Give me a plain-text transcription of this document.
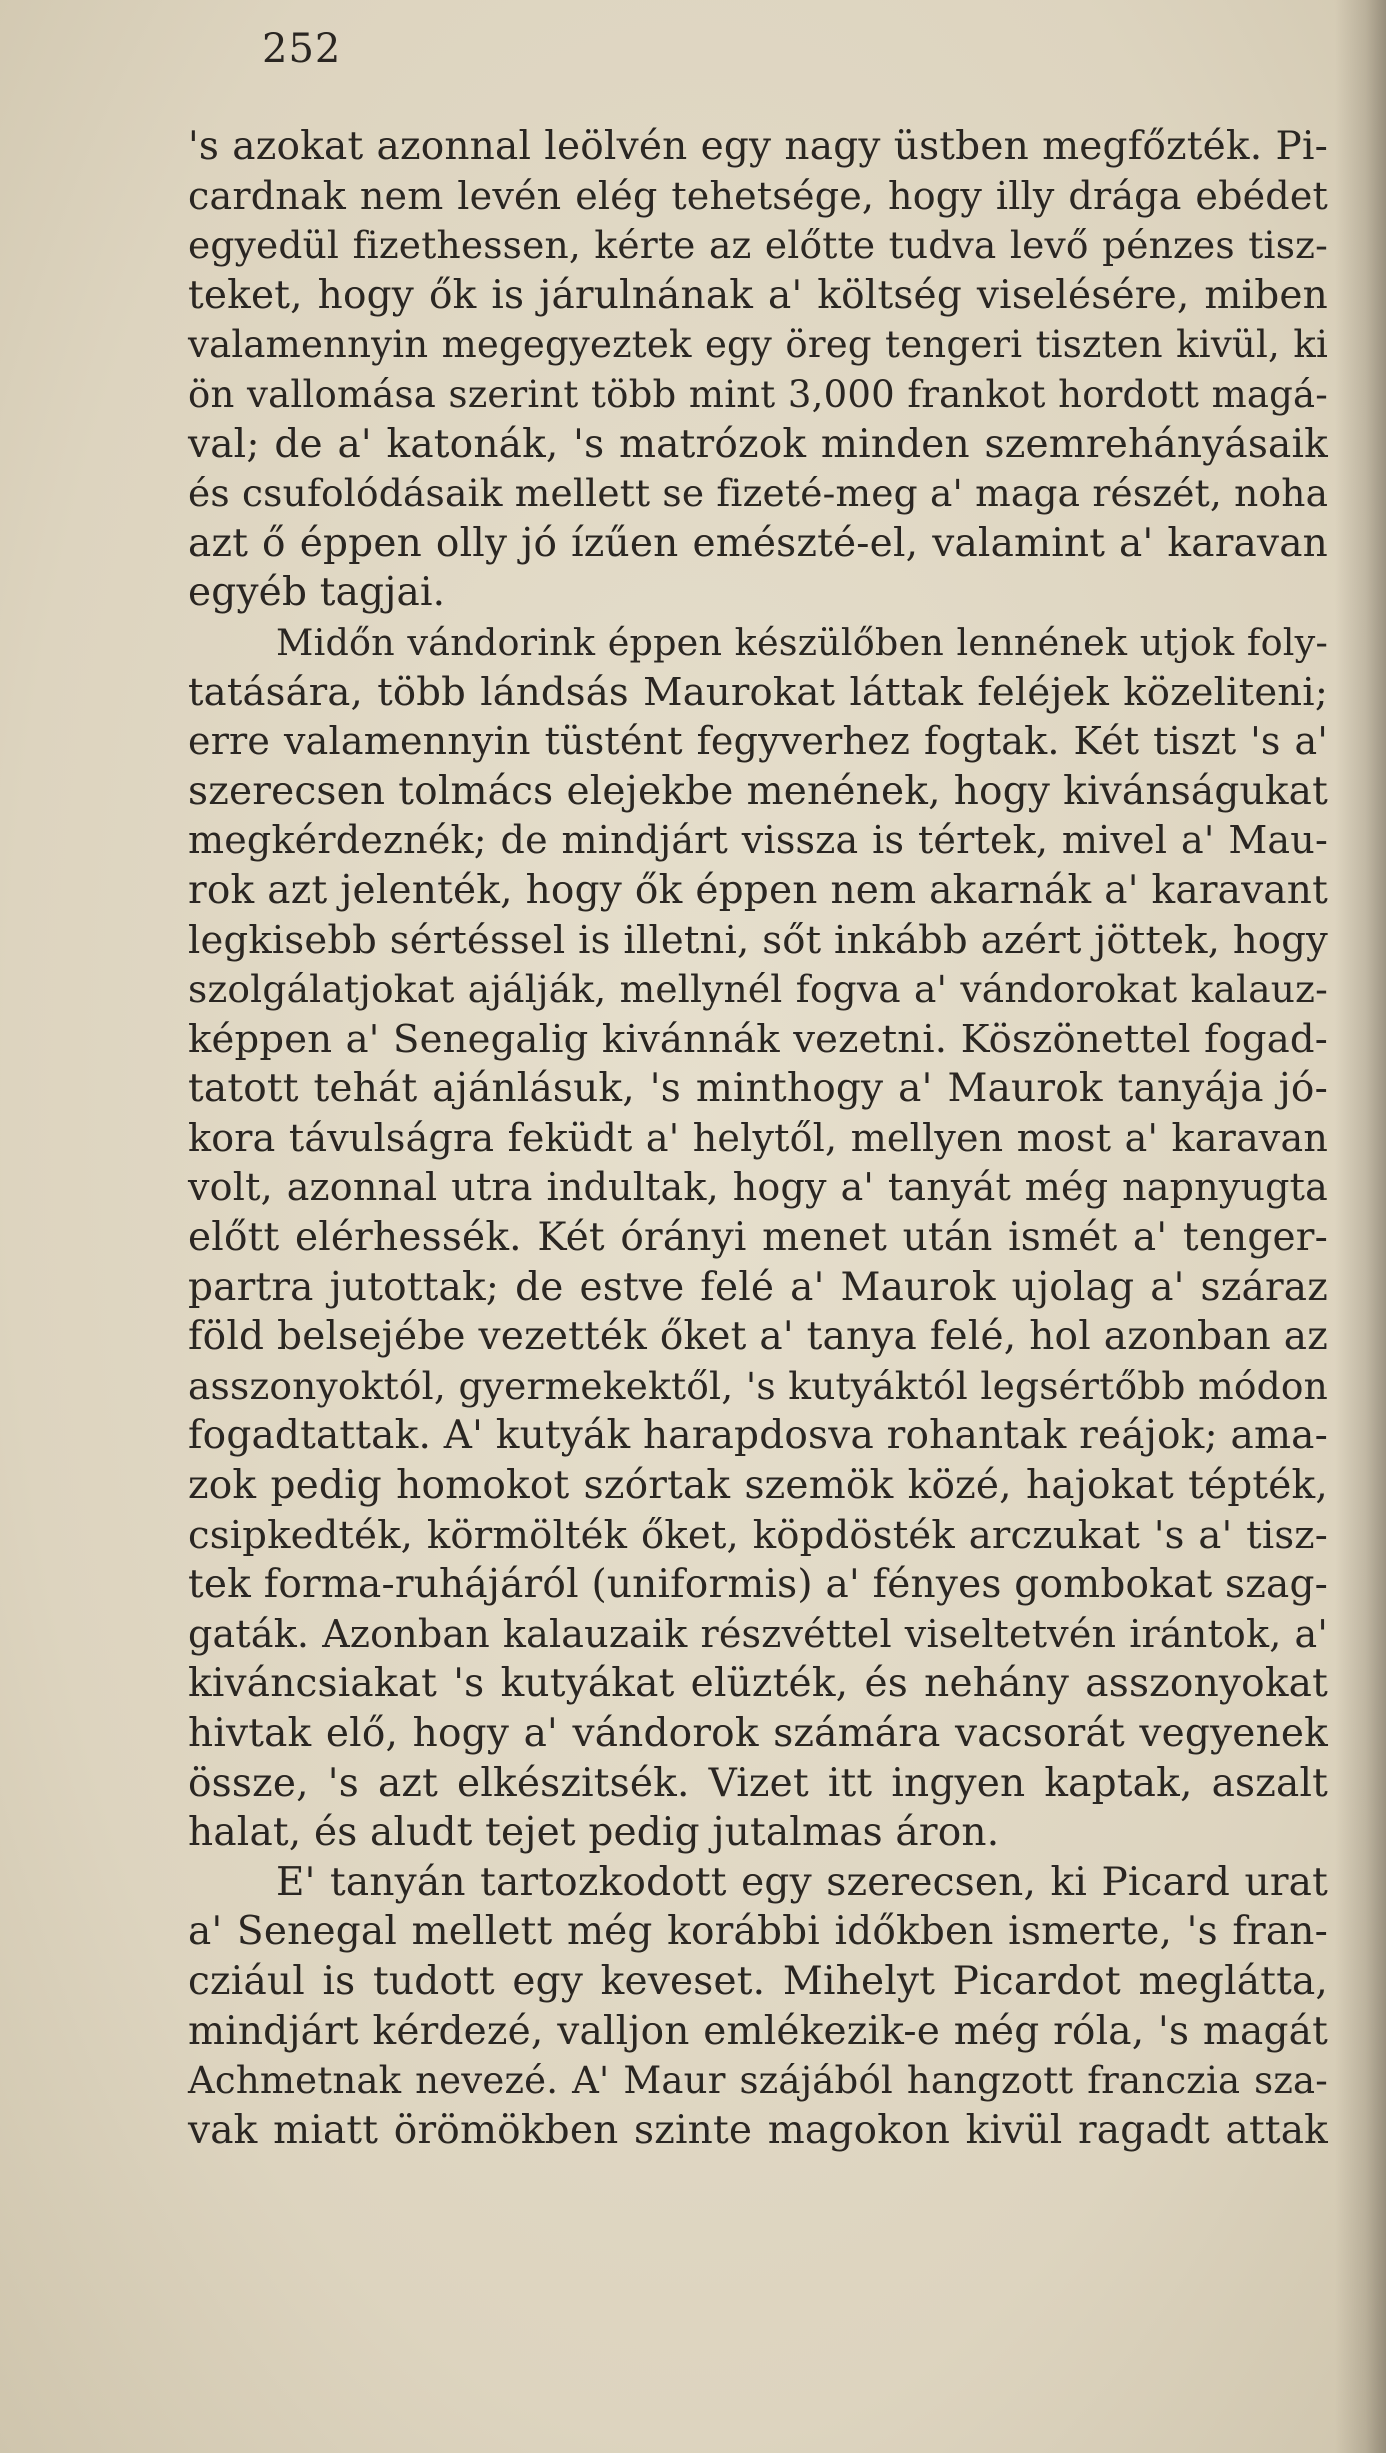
252
's azokat azonnal leölvén egy nagy üstben megfőzték. Pi-
cardnak nem levén elég tehetsége, hogy illy drága ebédet
egyedül fizethessen, kérte az előtte tudva levő pénzes tisz-
teket, hogy ők is járulnának a' költség viselésére, miben
valamennyin megegyeztek egy öreg tengeri tiszten kivül, ki
ön vallomása szerint több mint 3,000 frankot hordott magá-
val; de a' katonák, 's matrózok minden szemrehányásaik
és csufolódásaik mellett se fizeté-meg a' maga részét, noha
azt ő éppen olly jó ízűen emészté-el, valamint a' karavan
egyéb tagjai.
Midőn vándorink éppen készülőben lennének utjok foly-
tatására, több lándsás Maurokat láttak feléjek közeliteni;
erre valamennyin tüstént fegyverhez fogtak. Két tiszt 's a'
szerecsen tolmács elejekbe menének, hogy kivánságukat
megkérdeznék; de mindjárt vissza is tértek, mivel a' Mau-
rok azt jelenték, hogy ők éppen nem akarnák a' karavant
legkisebb sértéssel is illetni, sőt inkább azért jöttek, hogy
szolgálatjokat ajálják, mellynél fogva a' vándorokat kalauz-
képpen a' Senegalig kivánnák vezetni. Köszönettel fogad-
tatott tehát ajánlásuk, 's minthogy a' Maurok tanyája jó-
kora távulságra feküdt a' helytől, mellyen most a' karavan
volt, azonnal utra indultak, hogy a' tanyát még napnyugta
előtt elérhessék. Két órányi menet után ismét a' tenger-
partra jutottak; de estve felé a' Maurok ujolag a' száraz
föld belsejébe vezették őket a' tanya felé, hol azonban az
asszonyoktól, gyermekektől, 's kutyáktól legsértőbb módon
fogadtattak. A' kutyák harapdosva rohantak reájok; ama-
zok pedig homokot szórtak szemök közé, hajokat tépték,
csipkedték, körmölték őket, köpdösték arczukat 's a' tisz-
tek forma-ruhájáról (uniformis) a' fényes gombokat szag-
gaták. Azonban kalauzaik részvéttel viseltetvén irántok, a'
kiváncsiakat 's kutyákat elüzték, és nehány asszonyokat
hivtak elő, hogy a' vándorok számára vacsorát vegyenek
össze, 's azt elkészitsék. Vizet itt ingyen kaptak, aszalt
halat, és aludt tejet pedig jutalmas áron.
E' tanyán tartozkodott egy szerecsen, ki Picard urat
a' Senegal mellett még korábbi időkben ismerte, 's fran-
cziául is tudott egy keveset. Mihelyt Picardot meglátta,
mindjárt kérdezé, valljon emlékezik-e még róla, 's magát
Achmetnak nevezé. A' Maur szájából hangzott franczia sza-
vak miatt örömökben szinte magokon kivül ragadt attak
